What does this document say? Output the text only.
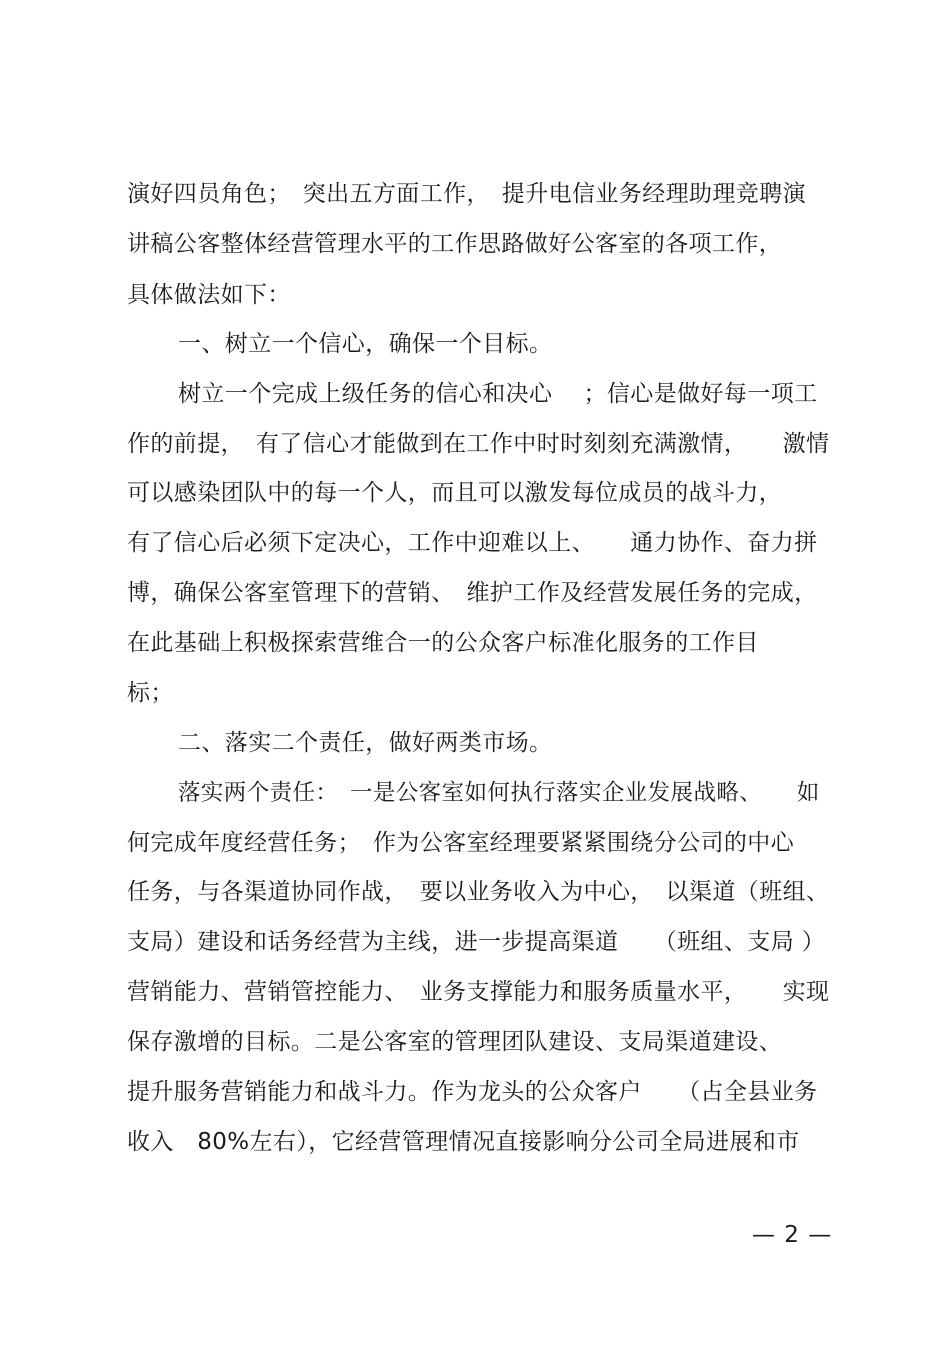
演好四员角色；　突出五方面工作，　提升电信业务经理助理竞聘演
讲稿公客整体经营管理水平的工作思路做好公客室的各项工作，
具体做法如下：
一、树立一个信心，确保一个目标。
树立一个完成上级任务的信心和决心　 ；信心是做好每一项工
作的前提，　有了信心才能做到在工作中时时刻刻充满激情，　　激情
可以感染团队中的每一个人，而且可以激发每位成员的战斗力，
有了信心后必须下定决心，工作中迎难以上、　　通力协作、奋力拼
博，确保公客室管理下的营销、　维护工作及经营发展任务的完成，
在此基础上积极探索营维合一的公众客户标准化服务的工作目
标；
二、落实二个责任，做好两类市场。
落实两个责任：　一是公客室如何执行落实企业发展战略、　　如
何完成年度经营任务；　作为公客室经理要紧紧围绕分公司的中心
任务，与各渠道协同作战，　要以业务收入为中心，　以渠道（班组、
支局）建设和话务经营为主线，进一步提高渠道　　（班组、支局 ）
营销能力、营销管控能力、　业务支撑能力和服务质量水平，　　实现
保存激增的目标。二是公客室的管理团队建设、支局渠道建设、
提升服务营销能力和战斗力。作为龙头的公众客户　　（占全县业务
收入　80%左右），它经营管理情况直接影响分公司全局进展和市
— 2 —
